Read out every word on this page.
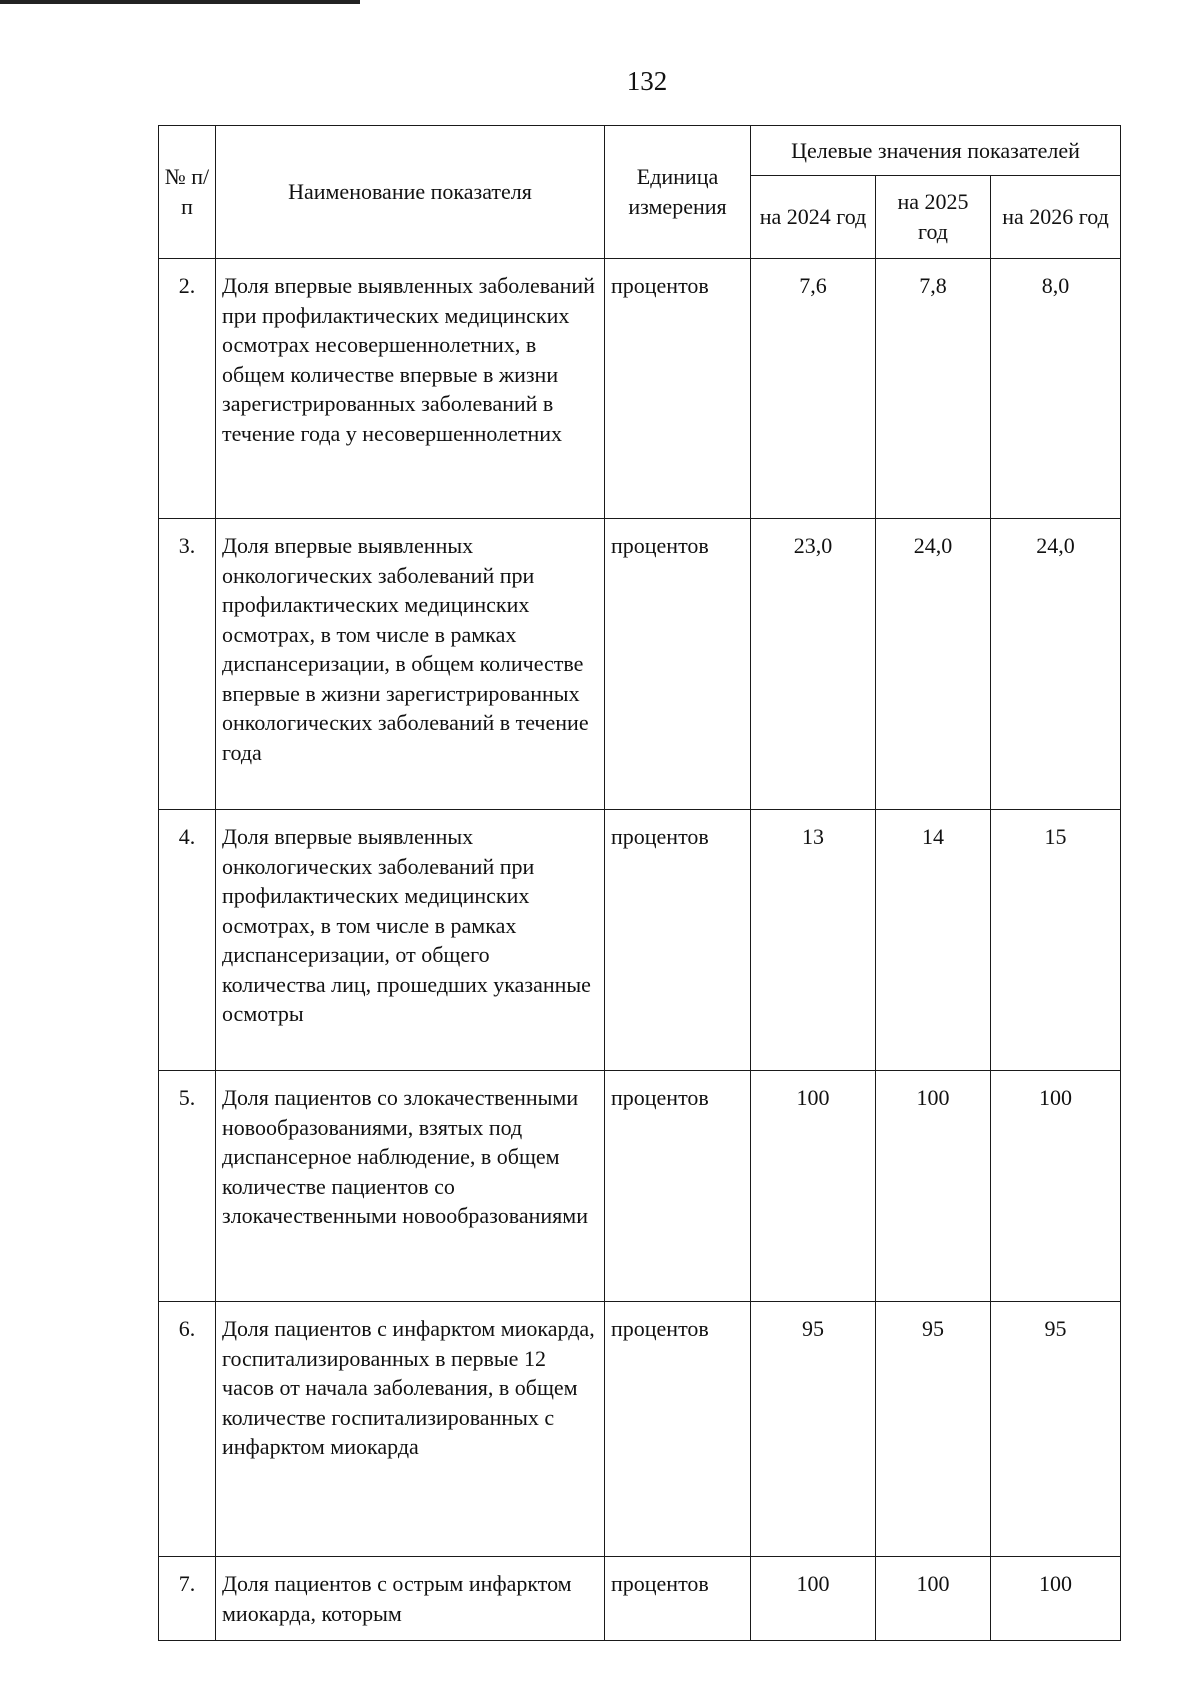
132
№ п/п	Наименование показателя	Единица измерения	Целевые значения показателей		
			на 2024 год	на 2025 год	на 2026 год
2.	Доля впервые выявленных заболеваний при профилактических медицинских осмотрах несовершеннолетних, в общем количестве впервые в жизни зарегистрированных заболеваний в течение года у несовершеннолетних	процентов	7,6	7,8	8,0
3.	Доля впервые выявленных онкологических заболеваний при профилактических медицинских осмотрах, в том числе в рамках диспансеризации, в общем количестве впервые в жизни зарегистрированных онкологических заболеваний в течение года	процентов	23,0	24,0	24,0
4.	Доля впервые выявленных онкологических заболеваний при профилактических медицинских осмотрах, в том числе в рамках диспансеризации, от общего количества лиц, прошедших указанные осмотры	процентов	13	14	15
5.	Доля пациентов со злокачественными новообразованиями, взятых под диспансерное наблюдение, в общем количестве пациентов со злокачественными новообразованиями	процентов	100	100	100
6.	Доля пациентов с инфарктом миокарда, госпитализированных в первые 12 часов от начала заболевания, в общем количестве госпитализированных с инфарктом миокарда	процентов	95	95	95
7.	Доля пациентов с острым инфарктом миокарда, которым	процентов	100	100	100
